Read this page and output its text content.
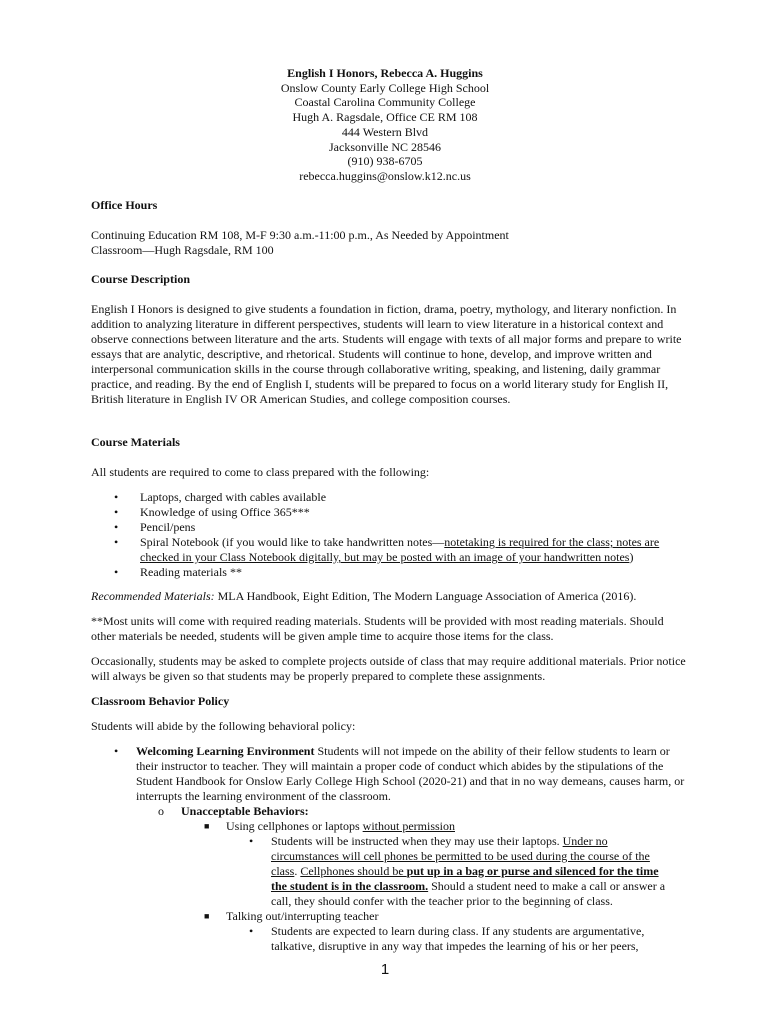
English I Honors, Rebecca A. Huggins
Onslow County Early College High School
Coastal Carolina Community College
Hugh A. Ragsdale, Office CE RM 108
444 Western Blvd
Jacksonville NC 28546
(910) 938-6705
rebecca.huggins@onslow.k12.nc.us

Office Hours

Continuing Education RM 108, M-F 9:30 a.m.-11:00 p.m., As Needed by Appointment

Classroom—Hugh Ragsdale, RM 100

Course Description

English I Honors is designed to give students a foundation in fiction, drama, poetry, mythology, and literary nonfiction. In addition to analyzing literature in different perspectives, students will learn to view literature in a historical context and observe connections between literature and the arts. Students will engage with texts of all major forms and prepare to write essays that are analytic, descriptive, and rhetorical. Students will continue to hone, develop, and improve written and interpersonal communication skills in the course through collaborative writing, speaking, and listening, daily grammar practice, and reading. By the end of English I, students will be prepared to focus on a world literary study for English II, British literature in English IV OR American Studies, and college composition courses.

Course Materials

All students are required to come to class prepared with the following:

• Laptops, charged with cables available
• Knowledge of using Office 365***
• Pencil/pens
• Spiral Notebook (if you would like to take handwritten notes—notetaking is required for the class; notes are checked in your Class Notebook digitally, but may be posted with an image of your handwritten notes)
• Reading materials **

Recommended Materials: MLA Handbook, Eight Edition, The Modern Language Association of America (2016).

**Most units will come with required reading materials. Students will be provided with most reading materials. Should other materials be needed, students will be given ample time to acquire those items for the class.

Occasionally, students may be asked to complete projects outside of class that may require additional materials. Prior notice will always be given so that students may be properly prepared to complete these assignments.

Classroom Behavior Policy

Students will abide by the following behavioral policy:

• Welcoming Learning Environment Students will not impede on the ability of their fellow students to learn or their instructor to teacher. They will maintain a proper code of conduct which abides by the stipulations of the Student Handbook for Onslow Early College High School (2020-21) and that in no way demeans, causes harm, or interrupts the learning environment of the classroom.
o Unacceptable Behaviors:
■ Using cellphones or laptops without permission
• Students will be instructed when they may use their laptops. Under no circumstances will cell phones be permitted to be used during the course of the class. Cellphones should be put up in a bag or purse and silenced for the time the student is in the classroom. Should a student need to make a call or answer a call, they should confer with the teacher prior to the beginning of class.
■ Talking out/interrupting teacher
• Students are expected to learn during class. If any students are argumentative, talkative, disruptive in any way that impedes the learning of his or her peers,
1
